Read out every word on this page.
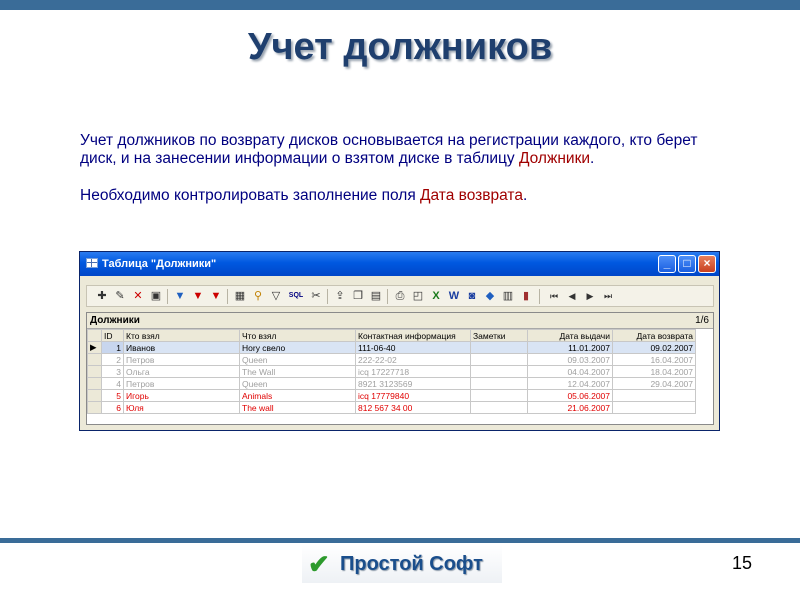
Учет должников

Учет должников по возврату дисков основывается на регистрации каждого, кто берет диск, и на занесении информации о взятом диске в таблицу Должники.

Необходимо контролировать заполнение поля Дата возврата.

Таблица "Должники"	_	□	×
✚ ✎ ✕ ▣ ▼ ▼ ▼ ▦ ⚲ ▽	SQL ✂ ⇪ ❐ ▤ ⎙ ◰ X W ◙ ◆ ▥ ▮	⏮	◀	▶	⏭
Должники	1/6
	ID	Кто взял	Что взял	Контактная информация	Заметки	Дата выдачи	Дата возврата
▶	1	Иванов	Hory свело	111-06-40		11.01.2007	09.02.2007
	2	Петров	Queen	222-22-02		09.03.2007	16.04.2007
	3	Ольга	The Wall	icq 17227718		04.04.2007	18.04.2007
	4	Петров	Queen	8921 3123569		12.04.2007	29.04.2007
	5	Игорь	Animals	icq 17779840		05.06.2007	
	6	Юля	The wall	812 567 34 00		21.06.2007	
✔ Простой Софт	15
